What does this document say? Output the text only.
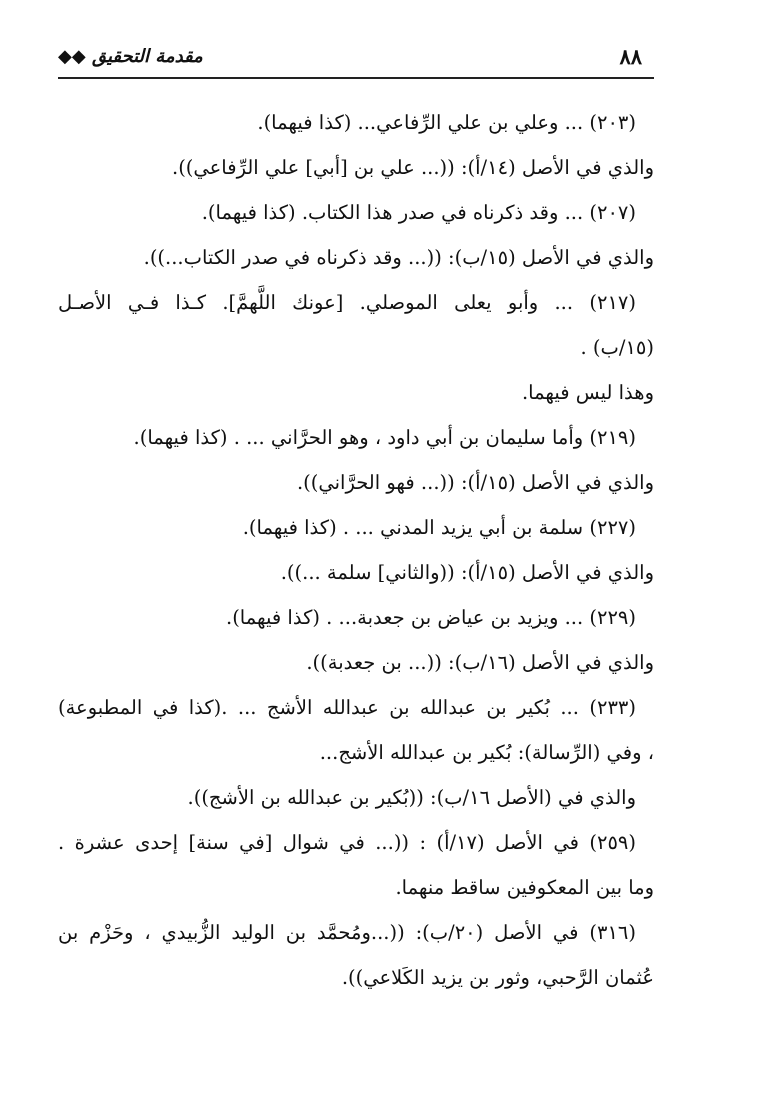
٨٨
مقدمة التحقيق ◆◆
(٢٠٣) ... وعلي بن علي الرِّفاعي... (كذا فيهما).
والذي في الأصل (١٤/أ): ((... علي بن [أبي] علي الرِّفاعي)).
(٢٠٧) ... وقد ذكرناه في صدر هذا الكتاب. (كذا فيهما).
والذي في الأصل (١٥/ب): ((... وقد ذكرناه في صدر الكتاب...)).
(٢١٧) ... وأبو يعلى الموصلي. [عونك اللَّهمَّ]. كـذا فـي الأصـل
(١٥/ب) .
وهذا ليس فيهما.
(٢١٩) وأما سليمان بن أبي داود ، وهو الحرَّاني ... . (كذا فيهما).
والذي في الأصل (١٥/أ): ((... فهو الحرَّاني)).
(٢٢٧) سلمة بن أبي يزيد المدني ... . (كذا فيهما).
والذي في الأصل (١٥/أ): ((والثاني] سلمة ...)).
(٢٢٩) ... ويزيد بن عياض بن جعدبة... . (كذا فيهما).
والذي في الأصل (١٦/ب): ((... بن جعدبة)).
(٢٣٣) ... بُكير بن عبدالله بن عبدالله الأشج ... .(كذا في المطبوعة)
، وفي (الرِّسالة): بُكير بن عبدالله الأشج...
والذي في (الأصل ١٦/ب): ((بُكير بن عبدالله بن الأشج)).
(٢٥٩) في الأصل (١٧/أ) : ((... في شوال [في سنة] إحدى عشرة .
وما بين المعكوفين ساقط منهما.
(٣١٦) في الأصل (٢٠/ب): ((...ومُحمَّد بن الوليد الزُّبيدي ، وحَزْم بن
عُثمان الرَّحبي، وثور بن يزيد الكَلاعي)).
